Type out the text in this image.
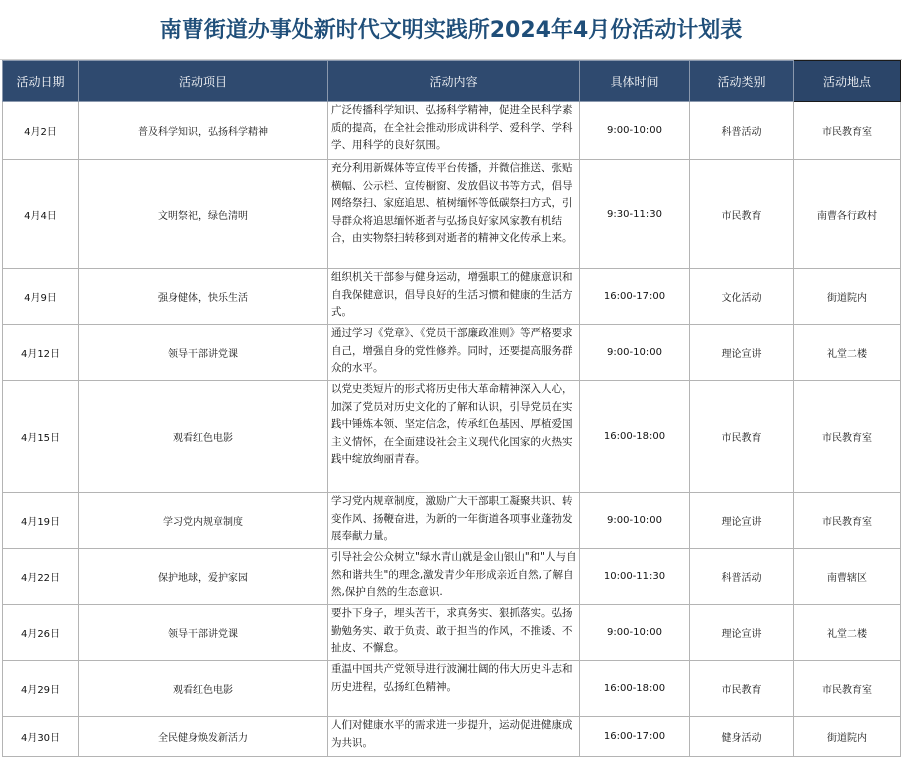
南曹街道办事处新时代文明实践所2024年4月份活动计划表
活动日期	活动项目	活动内容	具体时间	活动类别	活动地点
4月2日	普及科学知识，弘扬科学精神	广泛传播科学知识、弘扬科学精神，促进全民科学素质的提高，在全社会推动形成讲科学、爱科学、学科学、用科学的良好氛围。	9:00-10:00	科普活动	市民教育室
4月4日	文明祭祀，绿色清明	充分利用新媒体等宣传平台传播，并微信推送、张贴横幅、公示栏、宣传橱窗、发放倡议书等方式，倡导网络祭扫、家庭追思、植树缅怀等低碳祭扫方式，引导群众将追思缅怀逝者与弘扬良好家风家教有机结合，由实物祭扫转移到对逝者的精神文化传承上来。	9:30-11:30	市民教育	南曹各行政村
4月9日	强身健体，快乐生活	组织机关干部参与健身运动，增强职工的健康意识和自我保健意识，倡导良好的生活习惯和健康的生活方式。	16:00-17:00	文化活动	街道院内
4月12日	领导干部讲党课	通过学习《党章》、《党员干部廉政准则》等严格要求自己，增强自身的党性修养。同时，还要提高服务群众的水平。	9:00-10:00	理论宣讲	礼堂二楼
4月15日	观看红色电影	以党史类短片的形式将历史伟大革命精神深入人心，加深了党员对历史文化的了解和认识，引导党员在实践中锤炼本领、坚定信念，传承红色基因、厚植爱国主义情怀，在全面建设社会主义现代化国家的火热实践中绽放绚丽青春。	16:00-18:00	市民教育	市民教育室
4月19日	学习党内规章制度	学习党内规章制度，激励广大干部职工凝聚共识、转变作风、扬鞭奋进，为新的一年街道各项事业蓬勃发展奉献力量。	9:00-10:00	理论宣讲	市民教育室
4月22日	保护地球，爱护家园	引导社会公众树立"绿水青山就是金山银山"和"人与自然和谐共生"的理念,激发青少年形成亲近自然,了解自然,保护自然的生态意识.	10:00-11:30	科普活动	南曹辖区
4月26日	领导干部讲党课	要扑下身子，埋头苦干，求真务实、狠抓落实。弘扬勤勉务实、敢于负责、敢于担当的作风，不推诿、不扯皮、不懈怠。	9:00-10:00	理论宣讲	礼堂二楼
4月29日	观看红色电影	重温中国共产党领导进行波澜壮阔的伟大历史斗志和历史进程，弘扬红色精神。	16:00-18:00	市民教育	市民教育室
4月30日	全民健身焕发新活力	人们对健康水平的需求进一步提升，运动促进健康成为共识。	16:00-17:00	健身活动	街道院内
